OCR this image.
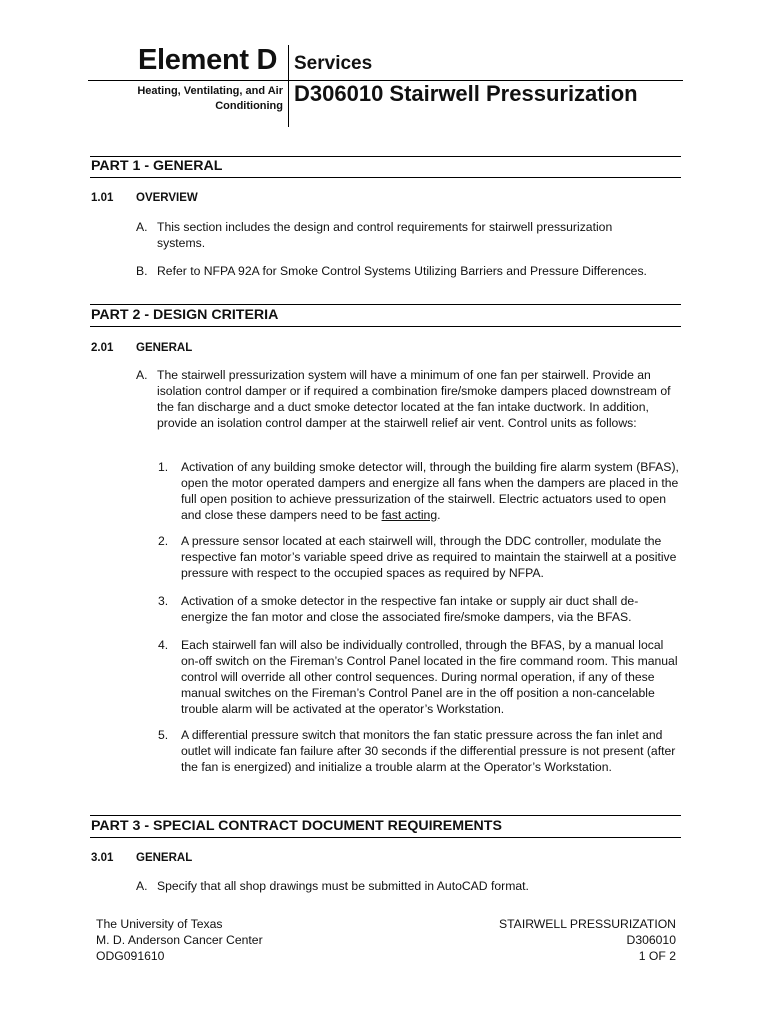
Element D Services
Heating, Ventilating, and Air
Conditioning D306010 Stairwell Pressurization
PART 1 - GENERAL
1.01 OVERVIEW
A. This section includes the design and control requirements for stairwell pressurization systems.
B. Refer to NFPA 92A for Smoke Control Systems Utilizing Barriers and Pressure Differences.
PART 2 - DESIGN CRITERIA
2.01 GENERAL
A. The stairwell pressurization system will have a minimum of one fan per stairwell. Provide an isolation control damper or if required a combination fire/smoke dampers placed downstream of the fan discharge and a duct smoke detector located at the fan intake ductwork. In addition, provide an isolation control damper at the stairwell relief air vent. Control units as follows:
1. Activation of any building smoke detector will, through the building fire alarm system (BFAS), open the motor operated dampers and energize all fans when the dampers are placed in the full open position to achieve pressurization of the stairwell. Electric actuators used to open and close these dampers need to be fast acting.
2. A pressure sensor located at each stairwell will, through the DDC controller, modulate the respective fan motor’s variable speed drive as required to maintain the stairwell at a positive pressure with respect to the occupied spaces as required by NFPA.
3. Activation of a smoke detector in the respective fan intake or supply air duct shall de-energize the fan motor and close the associated fire/smoke dampers, via the BFAS.
4. Each stairwell fan will also be individually controlled, through the BFAS, by a manual local on-off switch on the Fireman’s Control Panel located in the fire command room. This manual control will override all other control sequences. During normal operation, if any of these manual switches on the Fireman’s Control Panel are in the off position a non-cancelable trouble alarm will be activated at the operator’s Workstation.
5. A differential pressure switch that monitors the fan static pressure across the fan inlet and outlet will indicate fan failure after 30 seconds if the differential pressure is not present (after the fan is energized) and initialize a trouble alarm at the Operator’s Workstation.
PART 3 - SPECIAL CONTRACT DOCUMENT REQUIREMENTS
3.01 GENERAL
A. Specify that all shop drawings must be submitted in AutoCAD format.
The University of Texas
M. D. Anderson Cancer Center
ODG091610
STAIRWELL PRESSURIZATION
D306010
1 OF 2
